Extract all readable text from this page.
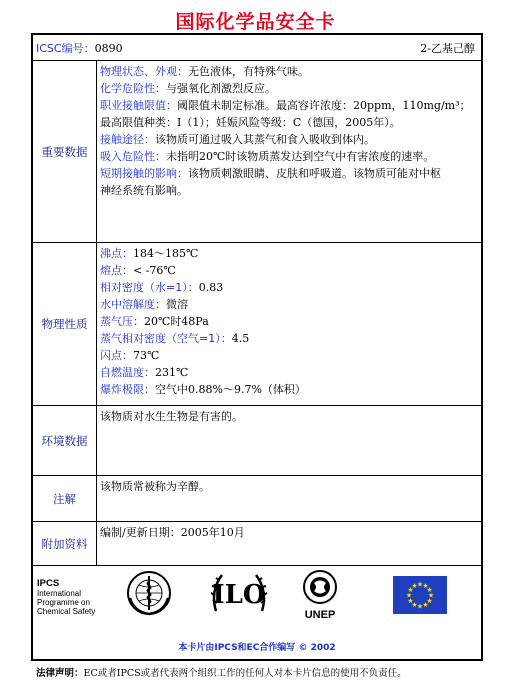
国际化学品安全卡
ICSC编号：0890	2-乙基己醇
重要数据
物理状态、外观：无色液体，有特殊气味。
化学危险性：与强氧化剂激烈反应。
职业接触限值：阈限值未制定标准。最高容许浓度：20ppm，110mg/m³；
最高限值种类：I（1）；妊娠风险等级：C（德国，2005年）。
接触途径：该物质可通过吸入其蒸气和食入吸收到体内。
吸入危险性：未指明20℃时该物质蒸发达到空气中有害浓度的速率。
短期接触的影响：该物质刺激眼睛、皮肤和呼吸道。该物质可能对中枢
神经系统有影响。
物理性质
沸点：184～185℃
熔点：< -76℃
相对密度（水=1）：0.83
水中溶解度：微溶
蒸气压：20℃时48Pa
蒸气相对密度（空气=1）：4.5
闪点：73℃
自燃温度：231℃
爆炸极限：空气中0.88%～9.7%（体积）
环境数据
该物质对水生生物是有害的。
注解
该物质常被称为辛醇。
附加资料
编制/更新日期：2005年10月
IPCS
International
Programme on
Chemical Safety
ILO
UNEP
★
★
★
★
★
★
★
★
★ ★ ★
★
本卡片由IPCS和EC合作编写 © 2002
法律声明： EC或者IPCS或者代表两个组织工作的任何人对本卡片信息的使用不负责任。
